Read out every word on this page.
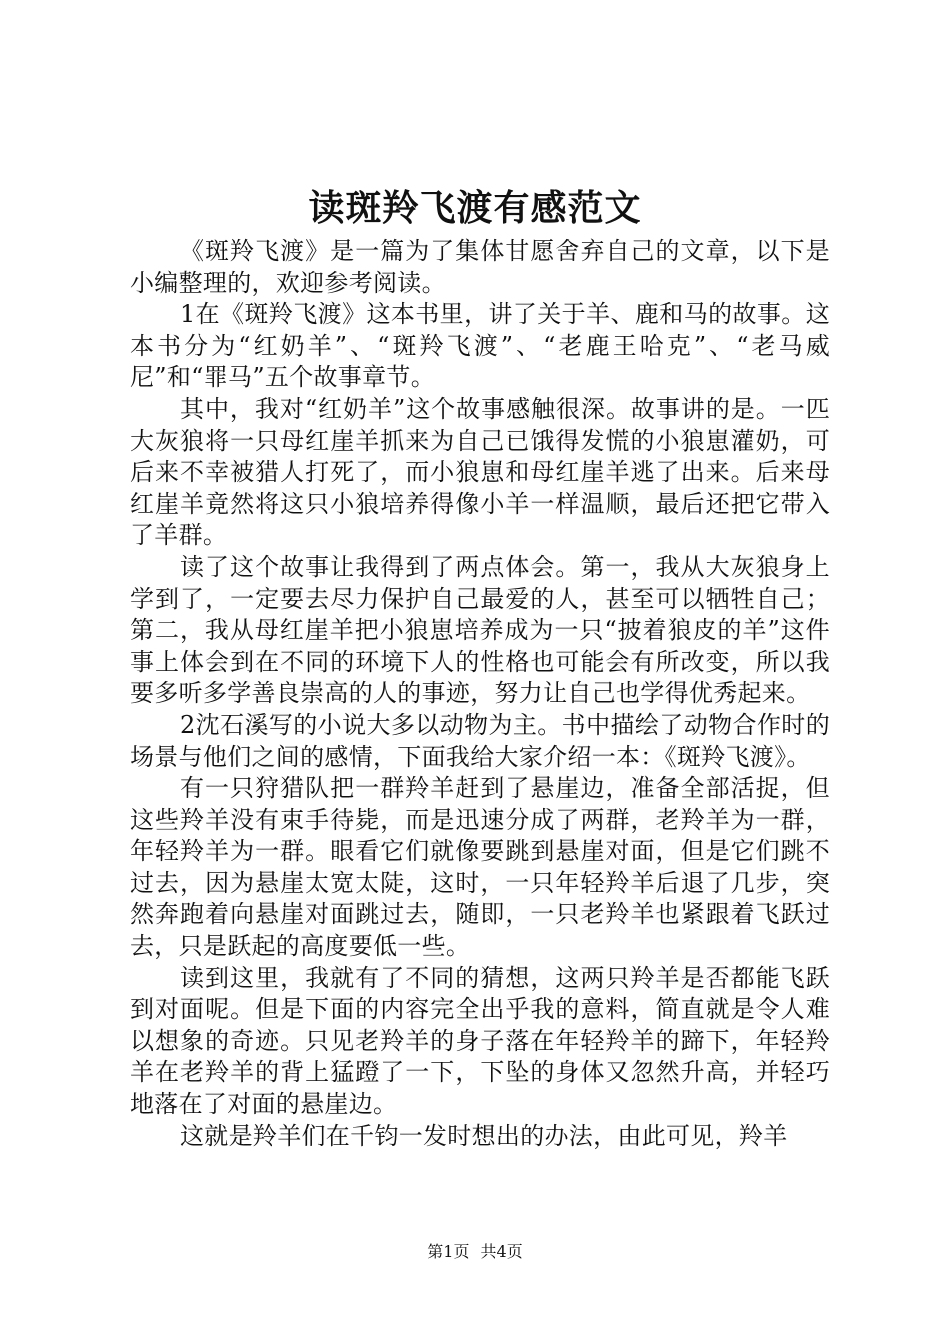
读斑羚飞渡有感范文

《斑羚飞渡》是一篇为了集体甘愿舍弃自己的文章，以下是小编整理的，欢迎参考阅读。

1在《斑羚飞渡》这本书里，讲了关于羊、鹿和马的故事。这本书分为“红奶羊”、“斑羚飞渡”、“老鹿王哈克”、“老马威尼”和“罪马”五个故事章节。

其中，我对“红奶羊”这个故事感触很深。故事讲的是。一匹大灰狼将一只母红崖羊抓来为自己已饿得发慌的小狼崽灌奶，可后来不幸被猎人打死了，而小狼崽和母红崖羊逃了出来。后来母红崖羊竟然将这只小狼培养得像小羊一样温顺，最后还把它带入了羊群。

读了这个故事让我得到了两点体会。第一，我从大灰狼身上学到了，一定要去尽力保护自己最爱的人，甚至可以牺牲自己；第二，我从母红崖羊把小狼崽培养成为一只“披着狼皮的羊”这件事上体会到在不同的环境下人的性格也可能会有所改变，所以我要多听多学善良崇高的人的事迹，努力让自己也学得优秀起来。

2沈石溪写的小说大多以动物为主。书中描绘了动物合作时的场景与他们之间的感情，下面我给大家介绍一本：《斑羚飞渡》。

有一只狩猎队把一群羚羊赶到了悬崖边，准备全部活捉，但这些羚羊没有束手待毙，而是迅速分成了两群，老羚羊为一群，年轻羚羊为一群。眼看它们就像要跳到悬崖对面，但是它们跳不过去，因为悬崖太宽太陡，这时，一只年轻羚羊后退了几步，突然奔跑着向悬崖对面跳过去，随即，一只老羚羊也紧跟着飞跃过去，只是跃起的高度要低一些。

读到这里，我就有了不同的猜想，这两只羚羊是否都能飞跃到对面呢。但是下面的内容完全出乎我的意料，简直就是令人难以想象的奇迹。只见老羚羊的身子落在年轻羚羊的蹄下，年轻羚羊在老羚羊的背上猛蹬了一下，下坠的身体又忽然升高，并轻巧地落在了对面的悬崖边。

这就是羚羊们在千钧一发时想出的办法，由此可见，羚羊

第1页 共4页
